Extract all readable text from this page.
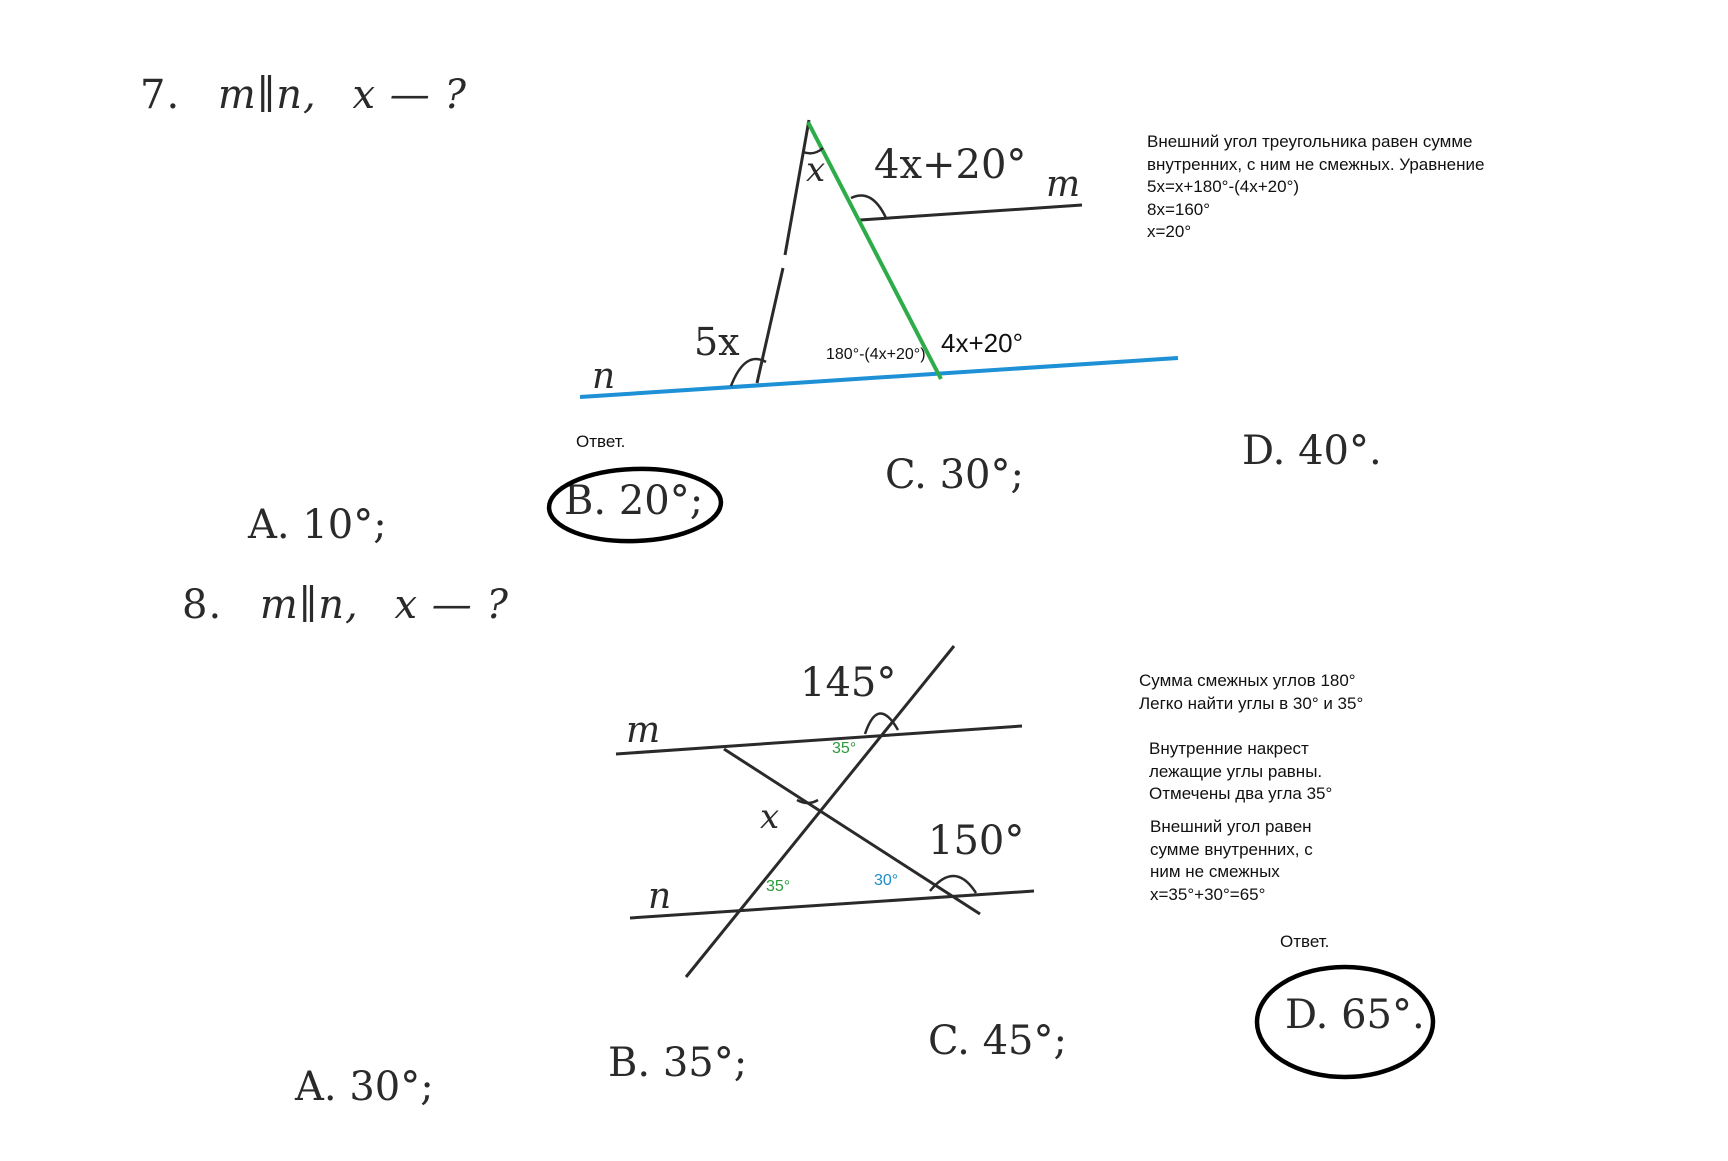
7. m∥n, x — ?
x 4x+20° m
5x
n
180°-(4x+20°) 4x+20°
Внешний угол треугольника равен сумме
внутренних, с ним не смежных. Уравнение
5x=x+180°-(4x+20°)
8x=160°
x=20°
Ответ.
A. 10°;
B. 20°;
C. 30°;
D. 40°.
8. m∥n, x — ?
145°
m	35°
x
150°
n	35°	30°
Сумма смежных углов 180°
Легко найти углы в 30° и 35°
Внутренние накрест
лежащие углы равны.
Отмечены два угла 35°
Внешний угол равен
сумме внутренних, с
ним не смежных
x=35°+30°=65°
Ответ.
A. 30°;
B. 35°;	C. 45°;
D. 65°.
